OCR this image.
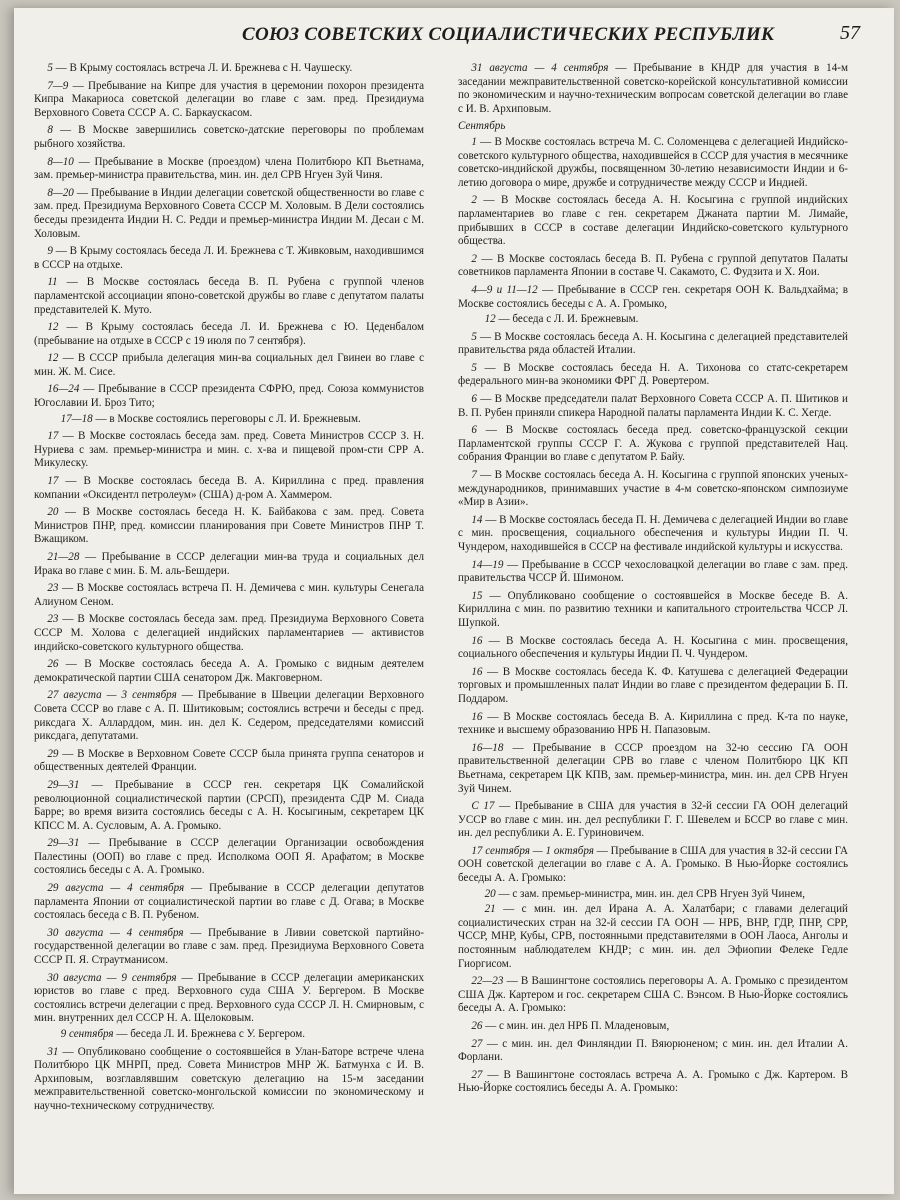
СОЮЗ СОВЕТСКИХ СОЦИАЛИСТИЧЕСКИХ РЕСПУБЛИК	57

5 — В Крыму состоялась встреча Л. И. Брежнева с Н. Чаушеску.

7—9 — Пребывание на Кипре для участия в церемонии похорон президента Кипра Макариоса советской делегации во главе с зам. пред. Президиума Верховного Совета СССР А. С. Баркаускасом.

8 — В Москве завершились советско-датские переговоры по проблемам рыбного хозяйства.

8—10 — Пребывание в Москве (проездом) члена Политбюро КП Вьетнама, зам. премьер-министра правительства, мин. ин. дел СРВ Нгуен Зуй Чиня.

8—20 — Пребывание в Индии делегации советской общественности во главе с зам. пред. Президиума Верховного Совета СССР М. Холовым. В Дели состоялись беседы президента Индии Н. С. Редди и премьер-министра Индии М. Десаи с М. Холовым.

9 — В Крыму состоялась беседа Л. И. Брежнева с Т. Живковым, находившимся в СССР на отдыхе.

11 — В Москве состоялась беседа В. П. Рубена с группой членов парламентской ассоциации японо-советской дружбы во главе с депутатом палаты представителей К. Муто.

12 — В Крыму состоялась беседа Л. И. Брежнева с Ю. Цеденбалом (пребывание на отдыхе в СССР с 19 июля по 7 сентября).

12 — В СССР прибыла делегация мин-ва социальных дел Гвинеи во главе с мин. Ж. М. Сисе.

16—24 — Пребывание в СССР президента СФРЮ, пред. Союза коммунистов Югославии И. Броз Тито;

17—18 — в Москве состоялись переговоры с Л. И. Брежневым.

17 — В Москве состоялась беседа зам. пред. Совета Министров СССР З. Н. Нуриева с зам. премьер-министра и мин. с. х-ва и пищевой пром-сти СРР А. Микулеску.

17 — В Москве состоялась беседа В. А. Кириллина с пред. правления компании «Оксидентл петролеум» (США) д-ром А. Хаммером.

20 — В Москве состоялась беседа Н. К. Байбакова с зам. пред. Совета Министров ПНР, пред. комиссии планирования при Совете Министров ПНР Т. Вжащиком.

21—28 — Пребывание в СССР делегации мин-ва труда и социальных дел Ирака во главе с мин. Б. М. аль-Бешдери.

23 — В Москве состоялась встреча П. Н. Демичева с мин. культуры Сенегала Алиуном Сеном.

23 — В Москве состоялась беседа зам. пред. Президиума Верховного Совета СССР М. Холова с делегацией индийских парламентариев — активистов индийско-советского культурного общества.

26 — В Москве состоялась беседа А. А. Громыко с видным деятелем демократической партии США сенатором Дж. Макговерном.

27 августа — 3 сентября — Пребывание в Швеции делегации Верховного Совета СССР во главе с А. П. Шитиковым; состоялись встречи и беседы с пред. риксдага Х. Алларддом, мин. ин. дел К. Седером, председателями комиссий риксдага, депутатами.

29 — В Москве в Верховном Совете СССР была принята группа сенаторов и общественных деятелей Франции.

29—31 — Пребывание в СССР ген. секретаря ЦК Сомалийской революционной социалистической партии (СРСП), президента СДР М. Сиада Барре; во время визита состоялись беседы с А. Н. Косыгиным, секретарем ЦК КПСС М. А. Сусловым, А. А. Громыко.

29—31 — Пребывание в СССР делегации Организации освобождения Палестины (ООП) во главе с пред. Исполкома ООП Я. Арафатом; в Москве состоялись беседы с А. А. Громыко.

29 августа — 4 сентября — Пребывание в СССР делегации депутатов парламента Японии от социалистической партии во главе с Д. Огава; в Москве состоялась беседа с В. П. Рубеном.

30 августа — 4 сентября — Пребывание в Ливии советской партийно-государственной делегации во главе с зам. пред. Президиума Верховного Совета СССР П. Я. Страутманисом.

30 августа — 9 сентября — Пребывание в СССР делегации американских юристов во главе с пред. Верховного суда США У. Бергером. В Москве состоялись встречи делегации с пред. Верховного суда СССР Л. Н. Смирновым, с мин. внутренних дел СССР Н. А. Щелоковым.

9 сентября — беседа Л. И. Брежнева с У. Бергером.

31 — Опубликовано сообщение о состоявшейся в Улан-Баторе встрече члена Политбюро ЦК МНРП, пред. Совета Министров МНР Ж. Батмунха с И. В. Архиповым, возглавлявшим советскую делегацию на 15-м заседании межправительственной советско-монгольской комиссии по экономическому и научно-техническому сотрудничеству.

31 августа — 4 сентября — Пребывание в КНДР для участия в 14-м заседании межправительственной советско-корейской консультативной комиссии по экономическим и научно-техническим вопросам советской делегации во главе с И. В. Архиповым.

Сентябрь

1 — В Москве состоялась встреча М. С. Соломенцева с делегацией Индийско-советского культурного общества, находившейся в СССР для участия в месячнике советско-индийской дружбы, посвященном 30-летию независимости Индии и 6-летию договора о мире, дружбе и сотрудничестве между СССР и Индией.

2 — В Москве состоялась беседа А. Н. Косыгина с группой индийских парламентариев во главе с ген. секретарем Джаната партии М. Лимайе, прибывших в СССР в составе делегации Индийско-советского культурного общества.

2 — В Москве состоялась беседа В. П. Рубена с группой депутатов Палаты советников парламента Японии в составе Ч. Сакамото, С. Фудзита и Х. Яои.

4—9 и 11—12 — Пребывание в СССР ген. секретаря ООН К. Вальдхайма; в Москве состоялись беседы с А. А. Громыко,

12 — беседа с Л. И. Брежневым.

5 — В Москве состоялась беседа А. Н. Косыгина с делегацией представителей правительства ряда областей Италии.

5 — В Москве состоялась беседа Н. А. Тихонова со статс-секретарем федерального мин-ва экономики ФРГ Д. Ровертером.

6 — В Москве председатели палат Верховного Совета СССР А. П. Шитиков и В. П. Рубен приняли спикера Народной палаты парламента Индии К. С. Хегде.

6 — В Москве состоялась беседа пред. советско-французской секции Парламентской группы СССР Г. А. Жукова с группой представителей Нац. собрания Франции во главе с депутатом Р. Байу.

7 — В Москве состоялась беседа А. Н. Косыгина с группой японских ученых-международников, принимавших участие в 4-м советско-японском симпозиуме «Мир в Азии».

14 — В Москве состоялась беседа П. Н. Демичева с делегацией Индии во главе с мин. просвещения, социального обеспечения и культуры Индии П. Ч. Чундером, находившейся в СССР на фестивале индийской культуры и искусства.

14—19 — Пребывание в СССР чехословацкой делегации во главе с зам. пред. правительства ЧССР Й. Шимоном.

15 — Опубликовано сообщение о состоявшейся в Москве беседе В. А. Кириллина с мин. по развитию техники и капитального строительства ЧССР Л. Шупкой.

16 — В Москве состоялась беседа А. Н. Косыгина с мин. просвещения, социального обеспечения и культуры Индии П. Ч. Чундером.

16 — В Москве состоялась беседа К. Ф. Катушева с делегацией Федерации торговых и промышленных палат Индии во главе с президентом федерации Б. П. Поддаром.

16 — В Москве состоялась беседа В. А. Кириллина с пред. К-та по науке, технике и высшему образованию НРБ Н. Папазовым.

16—18 — Пребывание в СССР проездом на 32-ю сессию ГА ООН правительственной делегации СРВ во главе с членом Политбюро ЦК КП Вьетнама, секретарем ЦК КПВ, зам. премьер-министра, мин. ин. дел СРВ Нгуен Зуй Чинем.

С 17 — Пребывание в США для участия в 32-й сессии ГА ООН делегаций УССР во главе с мин. ин. дел республики Г. Г. Шевелем и БССР во главе с мин. ин. дел республики А. Е. Гуриновичем.

17 сентября — 1 октября — Пребывание в США для участия в 32-й сессии ГА ООН советской делегации во главе с А. А. Громыко. В Нью-Йорке состоялись беседы А. А. Громыко:

20 — с зам. премьер-министра, мин. ин. дел СРВ Нгуен Зуй Чинем,

21 — с мин. ин. дел Ирана А. А. Халатбари; с главами делегаций социалистических стран на 32-й сессии ГА ООН — НРБ, ВНР, ГДР, ПНР, СРР, ЧССР, МНР, Кубы, СРВ, постоянными представителями в ООН Лаоса, Анголы и постоянным наблюдателем КНДР; с мин. ин. дел Эфиопии Фелеке Гедле Гиоргисом.

22—23 — В Вашингтоне состоялись переговоры А. А. Громыко с президентом США Дж. Картером и гос. секретарем США С. Вэнсом. В Нью-Йорке состоялись беседы А. А. Громыко:

26 — с мин. ин. дел НРБ П. Младеновым,

27 — с мин. ин. дел Финляндии П. Вяюрюненом; с мин. ин. дел Италии А. Форлани.

27 — В Вашингтоне состоялась встреча А. А. Громыко с Дж. Картером. В Нью-Йорке состоялись беседы А. А. Громыко:
